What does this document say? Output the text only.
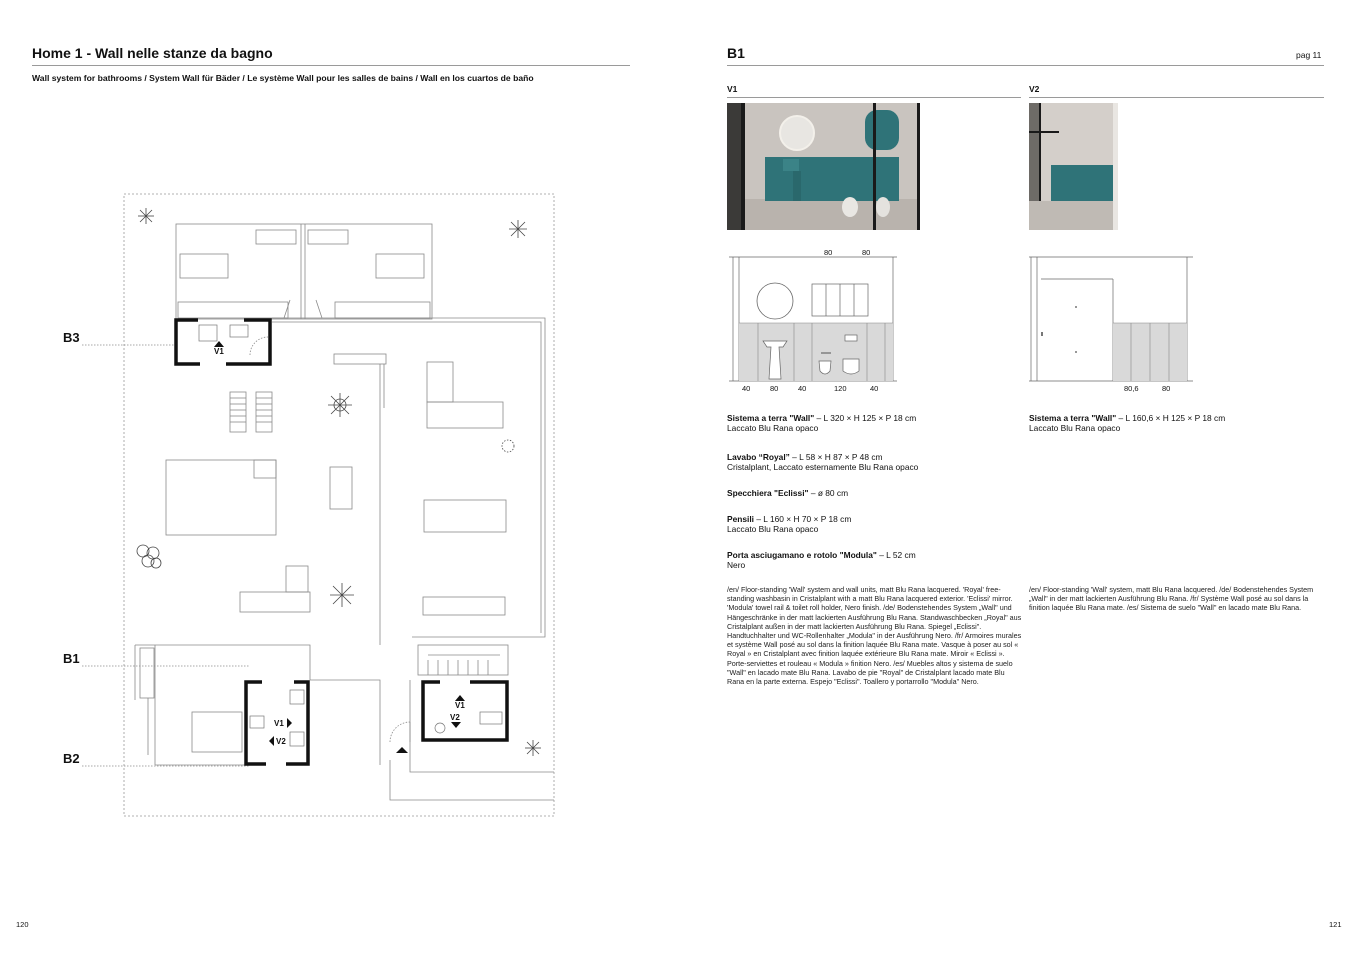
Home 1 - Wall nelle stanze da bagno
Wall system for bathrooms / System Wall für Bäder / Le système Wall pour les salles de bains / Wall en los cuartos de baño
B3
B1
B2
V1
V1
V2
V1
V2
120
B1	pag 11
V1	V2
80	80
40	80	40	120	40	80,6	80
Sistema a terra "Wall" – L 320 × H 125 × P 18 cm
Laccato Blu Rana opaco
Lavabo “Royal” – L 58 × H 87 × P 48 cm
Cristalplant, Laccato esternamente Blu Rana opaco
Specchiera "Eclissi" – ø 80 cm
Pensili – L 160 × H 70 × P 18 cm
Laccato Blu Rana opaco
Porta asciugamano e rotolo "Modula" – L 52 cm
Nero
Sistema a terra "Wall" – L 160,6 × H 125 × P 18 cm
Laccato Blu Rana opaco
/en/ Floor-standing 'Wall' system and wall units, matt Blu Rana lacquered. 'Royal' free-standing washbasin in Cristalplant with a matt Blu Rana lacquered exterior. 'Eclissi' mirror. 'Modula' towel rail & toilet roll holder, Nero finish. /de/ Bodenstehendes System „Wall" und Hängeschränke in der matt lackierten Ausführung Blu Rana. Standwaschbecken „Royal" aus Cristalplant außen in der matt lackierten Ausführung Blu Rana. Spiegel „Eclissi". Handtuchhalter und WC-Rollenhalter „Modula" in der Ausführung Nero. /fr/ Armoires murales et système Wall posé au sol dans la finition laquée Blu Rana mate. Vasque à poser au sol « Royal » en Cristalplant avec finition laquée extérieure Blu Rana mate. Miroir « Eclissi ». Porte-serviettes et rouleau « Modula » finition Nero. /es/ Muebles altos y sistema de suelo "Wall" en lacado mate Blu Rana. Lavabo de pie "Royal" de Cristalplant lacado mate Blu Rana en la parte externa. Espejo "Eclissi". Toallero y portarrollo "Modula" Nero.
/en/ Floor-standing 'Wall' system, matt Blu Rana lacquered. /de/ Bodenstehendes System „Wall" in der matt lackierten Ausführung Blu Rana. /fr/ Système Wall posé au sol dans la finition laquée Blu Rana mate. /es/ Sistema de suelo "Wall" en lacado mate Blu Rana.
121
